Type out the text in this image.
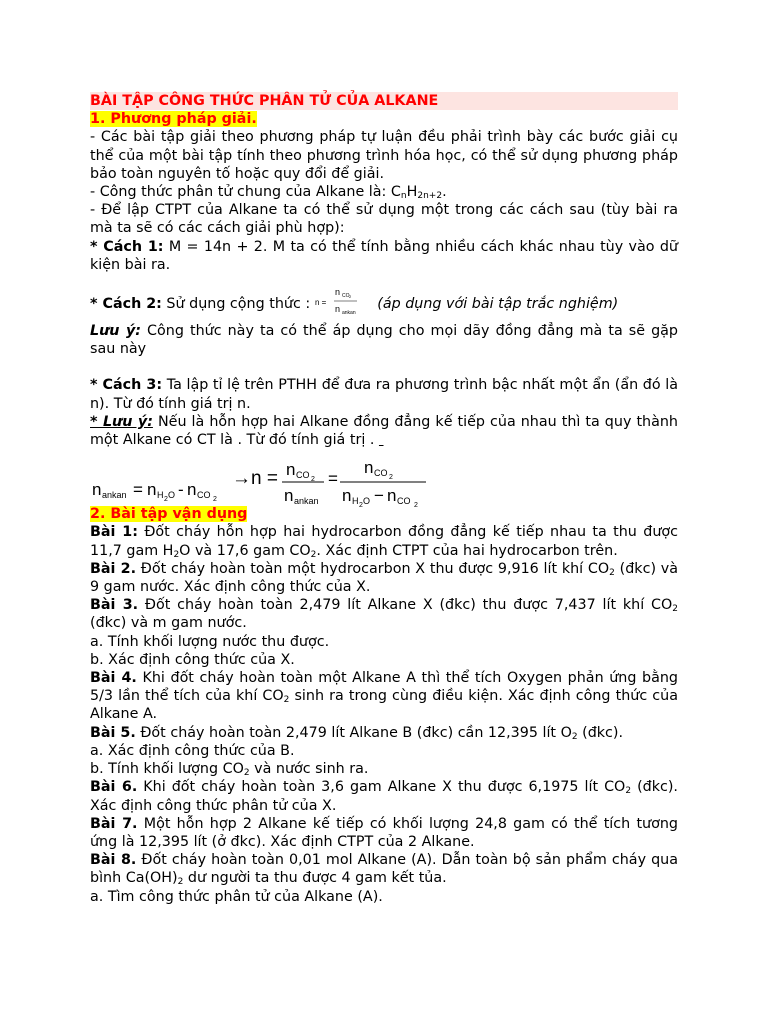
BÀI TẬP CÔNG THỨC PHÂN TỬ CỦA ALKANE

1. Phương pháp giải.

- Các bài tập giải theo phương pháp tự luận đều phải trình bày các bước giải cụ thể của một bài tập tính theo phương trình hóa học, có thể sử dụng phương pháp bảo toàn nguyên tố hoặc quy đổi để giải.

- Công thức phân tử chung của Alkane là: $C_nH_{2n+2}$.

- Để lập CTPT của Alkane ta có thể sử dụng một trong các cách sau (tùy bài ra mà ta sẽ có các cách giải phù hợp):

* Cách 1: M = 14n + 2. M ta có thể tính bằng nhiều cách khác nhau tùy vào dữ kiện bài ra.

* Cách 2: Sử dụng cộng thức : n =
n CO 2
n ankan
(áp dụng với bài tập trắc nghiệm)

Lưu ý: Công thức này ta có thể áp dụng cho mọi dãy đồng đẳng mà ta sẽ gặp sau này

* Cách 3: Ta lập tỉ lệ trên PTHH để đưa ra phương trình bậc nhất một ẩn (ẩn đó là n). Từ đó tính giá trị n.

* Lưu ý: Nếu là hỗn hợp hai Alkane đồng đẳng kế tiếp của nhau thì ta quy thành một Alkane có CT là . Từ đó tính giá trị .

n ankan = n H 2 O - n CO 2
→n = n CO 2
n ankan
=
n CO 2
n H 2 O − n CO 2

2. Bài tập vận dụng

Bài 1: Đốt cháy hỗn hợp hai hydrocarbon đồng đẳng kế tiếp nhau ta thu được 11,7 gam $H_2O$ và 17,6 gam $CO_2$. Xác định CTPT của hai hydrocarbon trên.

Bài 2. Đốt cháy hoàn toàn một hydrocarbon X thu được 9,916 lít khí $CO_2$ (đkc) và 9 gam nước. Xác định công thức của X.

Bài 3. Đốt cháy hoàn toàn 2,479 lít Alkane X (đkc) thu được 7,437 lít khí $CO_2$ (đkc) và m gam nước.

a. Tính khối lượng nước thu được.

b. Xác định công thức của X.

Bài 4. Khi đốt cháy hoàn toàn một Alkane A thì thể tích Oxygen phản ứng bằng 5/3 lần thể tích của khí $CO_2$ sinh ra trong cùng điều kiện. Xác định công thức của Alkane A.

Bài 5. Đốt cháy hoàn toàn 2,479 lít Alkane B (đkc) cần 12,395 lít $O_2$ (đkc).

a. Xác định công thức của B.

b. Tính khối lượng $CO_2$ và nước sinh ra.

Bài 6. Khi đốt cháy hoàn toàn 3,6 gam Alkane X thu được 6,1975 lít $CO_2$ (đkc). Xác định công thức phân tử của X.

Bài 7. Một hỗn hợp 2 Alkane kế tiếp có khối lượng 24,8 gam có thể tích tương ứng là 12,395 lít (ở đkc). Xác định CTPT của 2 Alkane.

Bài 8. Đốt cháy hoàn toàn 0,01 mol Alkane (A). Dẫn toàn bộ sản phẩm cháy qua bình $Ca(OH)_2$ dư người ta thu được 4 gam kết tủa.

a. Tìm công thức phân tử của Alkane (A).
